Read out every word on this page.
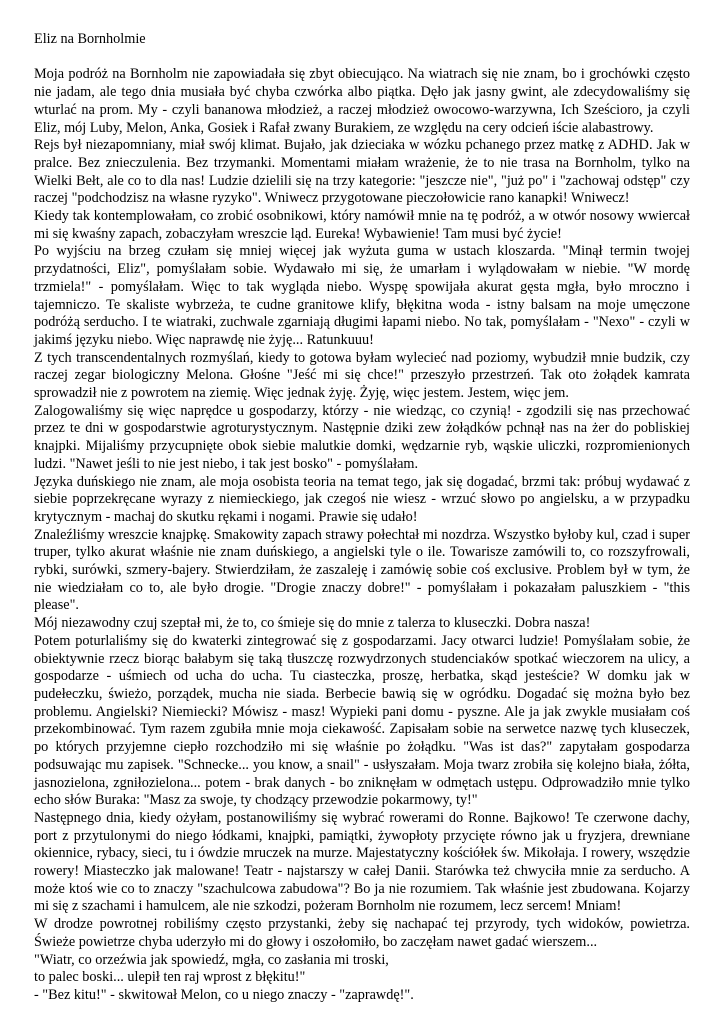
Eliz na Bornholmie

Moja podróż na Bornholm nie zapowiadała się zbyt obiecująco. Na wiatrach się nie znam, bo i grochówki często nie jadam, ale tego dnia musiała być chyba czwórka albo piątka. Dęło jak jasny gwint, ale zdecydowaliśmy się wturlać na prom. My - czyli bananowa młodzież, a raczej młodzież owocowo-warzywna, Ich Sześcioro, ja czyli Eliz, mój Luby, Melon, Anka, Gosiek i Rafał zwany Burakiem, ze względu na cery odcień iście alabastrowy.

Rejs był niezapomniany, miał swój klimat. Bujało, jak dzieciaka w wózku pchanego przez matkę z ADHD. Jak w pralce. Bez znieczulenia. Bez trzymanki. Momentami miałam wrażenie, że to nie trasa na Bornholm, tylko na Wielki Bełt, ale co to dla nas! Ludzie dzielili się na trzy kategorie: "jeszcze nie", "już po" i "zachowaj odstęp" czy raczej "podchodzisz na własne ryzyko". Wniwecz przygotowane pieczołowicie rano kanapki! Wniwecz!

Kiedy tak kontemplowałam, co zrobić osobnikowi, który namówił mnie na tę podróż, a w otwór nosowy wwiercał mi się kwaśny zapach, zobaczyłam wreszcie ląd. Eureka! Wybawienie! Tam musi być życie!

Po wyjściu na brzeg czułam się mniej więcej jak wyżuta guma w ustach kloszarda. "Minął termin twojej przydatności, Eliz", pomyślałam sobie. Wydawało mi się, że umarłam i wylądowałam w niebie. "W mordę trzmiela!" - pomyślałam. Więc to tak wygląda niebo. Wyspę spowijała akurat gęsta mgła, było mroczno i tajemniczo. Te skaliste wybrzeża, te cudne granitowe klify, błękitna woda - istny balsam na moje umęczone podróżą serducho. I te wiatraki, zuchwale zgarniają długimi łapami niebo. No tak, pomyślałam - "Nexo" - czyli w jakimś języku niebo. Więc naprawdę nie żyję... Ratunkuuu!

Z tych transcendentalnych rozmyślań, kiedy to gotowa byłam wylecieć nad poziomy, wybudził mnie budzik, czy raczej zegar biologiczny Melona. Głośne "Jeść mi się chce!" przeszyło przestrzeń. Tak oto żołądek kamrata sprowadził nie z powrotem na ziemię. Więc jednak żyję. Żyję, więc jestem. Jestem, więc jem.

Zalogowaliśmy się więc naprędce u gospodarzy, którzy - nie wiedząc, co czynią! - zgodzili się nas przechować przez te dni w gospodarstwie agroturystycznym. Następnie dziki zew żołądków pchnął nas na żer do pobliskiej knajpki. Mijaliśmy przycupnięte obok siebie malutkie domki, wędzarnie ryb, wąskie uliczki, rozpromienionych ludzi. "Nawet jeśli to nie jest niebo, i tak jest bosko" - pomyślałam.

Języka duńskiego nie znam, ale moja osobista teoria na temat tego, jak się dogadać, brzmi tak: próbuj wydawać z siebie poprzekręcane wyrazy z niemieckiego, jak czegoś nie wiesz - wrzuć słowo po angielsku, a w przypadku krytycznym - machaj do skutku rękami i nogami. Prawie się udało!

Znaleźliśmy wreszcie knajpkę. Smakowity zapach strawy połechtał mi nozdrza. Wszystko byłoby kul, czad i super truper, tylko akurat właśnie nie znam duńskiego, a angielski tyle o ile. Towarisze zamówili to, co rozszyfrowali, rybki, surówki, szmery-bajery. Stwierdziłam, że zaszaleję i zamówię sobie coś exclusive. Problem był w tym, że nie wiedziałam co to, ale było drogie. "Drogie znaczy dobre!" - pomyślałam i pokazałam paluszkiem - "this please".

Mój niezawodny czuj szeptał mi, że to, co śmieje się do mnie z talerza to kluseczki. Dobra nasza!

Potem poturlaliśmy się do kwaterki zintegrować się z gospodarzami. Jacy otwarci ludzie! Pomyślałam sobie, że obiektywnie rzecz biorąc bałabym się taką tłuszczę rozwydrzonych studenciaków spotkać wieczorem na ulicy, a gospodarze - uśmiech od ucha do ucha. Tu ciasteczka, proszę, herbatka, skąd jesteście? W domku jak w pudełeczku, świeżo, porządek, mucha nie siada. Berbecie bawią się w ogródku. Dogadać się można było bez problemu. Angielski? Niemiecki? Mówisz - masz! Wypieki pani domu - pyszne. Ale ja jak zwykle musiałam coś przekombinować. Tym razem zgubiła mnie moja ciekawość. Zapisałam sobie na serwetce nazwę tych kluseczek, po których przyjemne ciepło rozchodziło mi się właśnie po żołądku. "Was ist das?" zapytałam gospodarza podsuwając mu zapisek. "Schnecke... you know, a snail" - usłyszałam. Moja twarz zrobiła się kolejno biała, żółta, jasnozielona, zgniłozielona... potem - brak danych - bo zniknęłam w odmętach ustępu. Odprowadziło mnie tylko echo słów Buraka: "Masz za swoje, ty chodzący przewodzie pokarmowy, ty!"

Następnego dnia, kiedy ożyłam, postanowiliśmy się wybrać rowerami do Ronne. Bajkowo! Te czerwone dachy, port z przytulonymi do niego łódkami, knajpki, pamiątki, żywopłoty przycięte równo jak u fryzjera, drewniane okiennice, rybacy, sieci, tu i ówdzie mruczek na murze. Majestatyczny kościółek św. Mikołaja. I rowery, wszędzie rowery! Miasteczko jak malowane! Teatr - najstarszy w całej Danii. Starówka też chwyciła mnie za serducho. A może ktoś wie co to znaczy "szachulcowa zabudowa"? Bo ja nie rozumiem. Tak właśnie jest zbudowana. Kojarzy mi się z szachami i hamulcem, ale nie szkodzi, pożeram Bornholm nie rozumem, lecz sercem! Mniam!

W drodze powrotnej robiliśmy często przystanki, żeby się nachapać tej przyrody, tych widoków, powietrza. Świeże powietrze chyba uderzyło mi do głowy i oszołomiło, bo zaczęłam nawet gadać wierszem...

"Wiatr, co orzeźwia jak spowiedź, mgła, co zasłania mi troski,
to palec boski... ulepił ten raj wprost z błękitu!"
- "Bez kitu!" - skwitował Melon, co u niego znaczy - "zaprawdę!".
